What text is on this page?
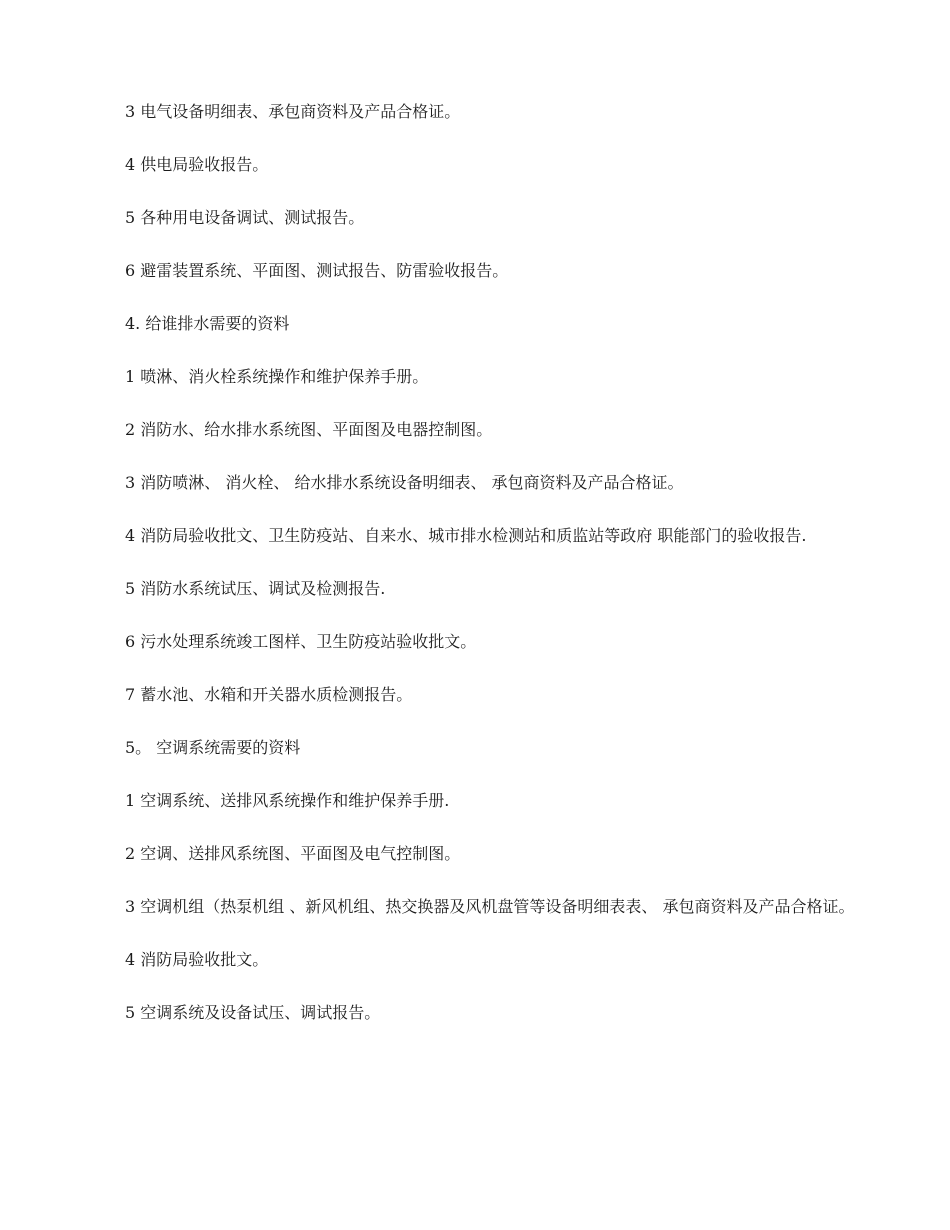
3 电气设备明细表、承包商资料及产品合格证。

4 供电局验收报告。

5 各种用电设备调试、测试报告。

6 避雷装置系统、平面图、测试报告、防雷验收报告。

4. 给谁排水需要的资料

1 喷淋、消火栓系统操作和维护保养手册。

2 消防水、给水排水系统图、平面图及电器控制图。

3 消防喷淋、 消火栓、 给水排水系统设备明细表、 承包商资料及产品合格证。

4 消防局验收批文、卫生防疫站、自来水、城市排水检测站和质监站等政府 职能部门的验收报告.

5 消防水系统试压、调试及检测报告.

6 污水处理系统竣工图样、卫生防疫站验收批文。

7 蓄水池、水箱和开关器水质检测报告。

5。 空调系统需要的资料

1 空调系统、送排风系统操作和维护保养手册.

2 空调、送排风系统图、平面图及电气控制图。

3 空调机组（热泵机组 、新风机组、热交换器及风机盘管等设备明细表表、 承包商资料及产品合格证。

4 消防局验收批文。

5 空调系统及设备试压、调试报告。
